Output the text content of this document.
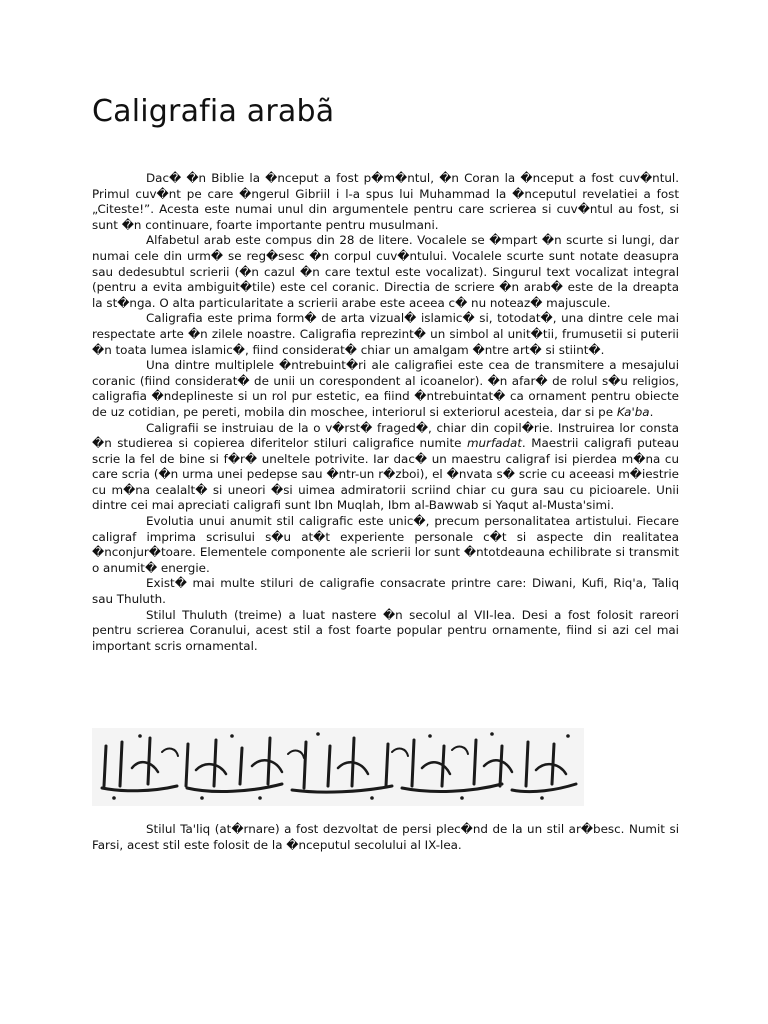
Caligrafia arabã

Dac� �n Biblie la �nceput a fost p�m�ntul, �n Coran la �nceput a fost cuv�ntul. Primul cuv�nt pe care �ngerul Gibriil i l-a spus lui Muhammad la �nceputul revelatiei a fost „Citeste!”. Acesta este numai unul din argumentele pentru care scrierea si cuv�ntul au fost, si sunt �n continuare, foarte importante pentru musulmani.

Alfabetul arab este compus din 28 de litere. Vocalele se �mpart �n scurte si lungi, dar numai cele din urm� se reg�sesc �n corpul cuv�ntului. Vocalele scurte sunt notate deasupra sau dedesubtul scrierii (�n cazul �n care textul este vocalizat). Singurul text vocalizat integral (pentru a evita ambiguit�tile) este cel coranic. Directia de scriere �n arab� este de la dreapta la st�nga. O alta particularitate a scrierii arabe este aceea c� nu noteaz� majuscule.

Caligrafia este prima form� de arta vizual� islamic� si, totodat�, una dintre cele mai respectate arte �n zilele noastre. Caligrafia reprezint� un simbol al unit�tii, frumusetii si puterii �n toata lumea islamic�, fiind considerat� chiar un amalgam �ntre art� si stiint�.

Una dintre multiplele �ntrebuint�ri ale caligrafiei este cea de transmitere a mesajului coranic (fiind considerat� de unii un corespondent al icoanelor). �n afar� de rolul s�u religios, caligrafia �ndeplineste si un rol pur estetic, ea fiind �ntrebuintat� ca ornament pentru obiecte de uz cotidian, pe pereti, mobila din moschee, interiorul si exteriorul acesteia, dar si pe Ka'ba.

Caligrafii se instruiau de la o v�rst� fraged�, chiar din copil�rie. Instruirea lor consta �n studierea si copierea diferitelor stiluri caligrafice numite murfadat. Maestrii caligrafi puteau scrie la fel de bine si f�r� uneltele potrivite. Iar dac� un maestru caligraf isi pierdea m�na cu care scria (�n urma unei pedepse sau �ntr-un r�zboi), el �nvata s� scrie cu aceeasi m�iestrie cu m�na cealalt� si uneori �si uimea admiratorii scriind chiar cu gura sau cu picioarele. Unii dintre cei mai apreciati caligrafi sunt Ibn Muqlah, Ibm al-Bawwab si Yaqut al-Musta'simi.

Evolutia unui anumit stil caligrafic este unic�, precum personalitatea artistului. Fiecare caligraf imprima scrisului s�u at�t experiente personale c�t si aspecte din realitatea �nconjur�toare. Elementele componente ale scrierii lor sunt �ntotdeauna echilibrate si transmit o anumit� energie.

Exist� mai multe stiluri de caligrafie consacrate printre care: Diwani, Kufi, Riq'a, Taliq sau Thuluth.

Stilul Thuluth (treime) a luat nastere �n secolul al VII-lea. Desi a fost folosit rareori pentru scrierea Coranului, acest stil a fost foarte popular pentru ornamente, fiind si azi cel mai important scris ornamental.

Stilul Ta'liq (at�rnare) a fost dezvoltat de persi plec�nd de la un stil ar�besc. Numit si Farsi, acest stil este folosit de la �nceputul secolului al IX-lea.
